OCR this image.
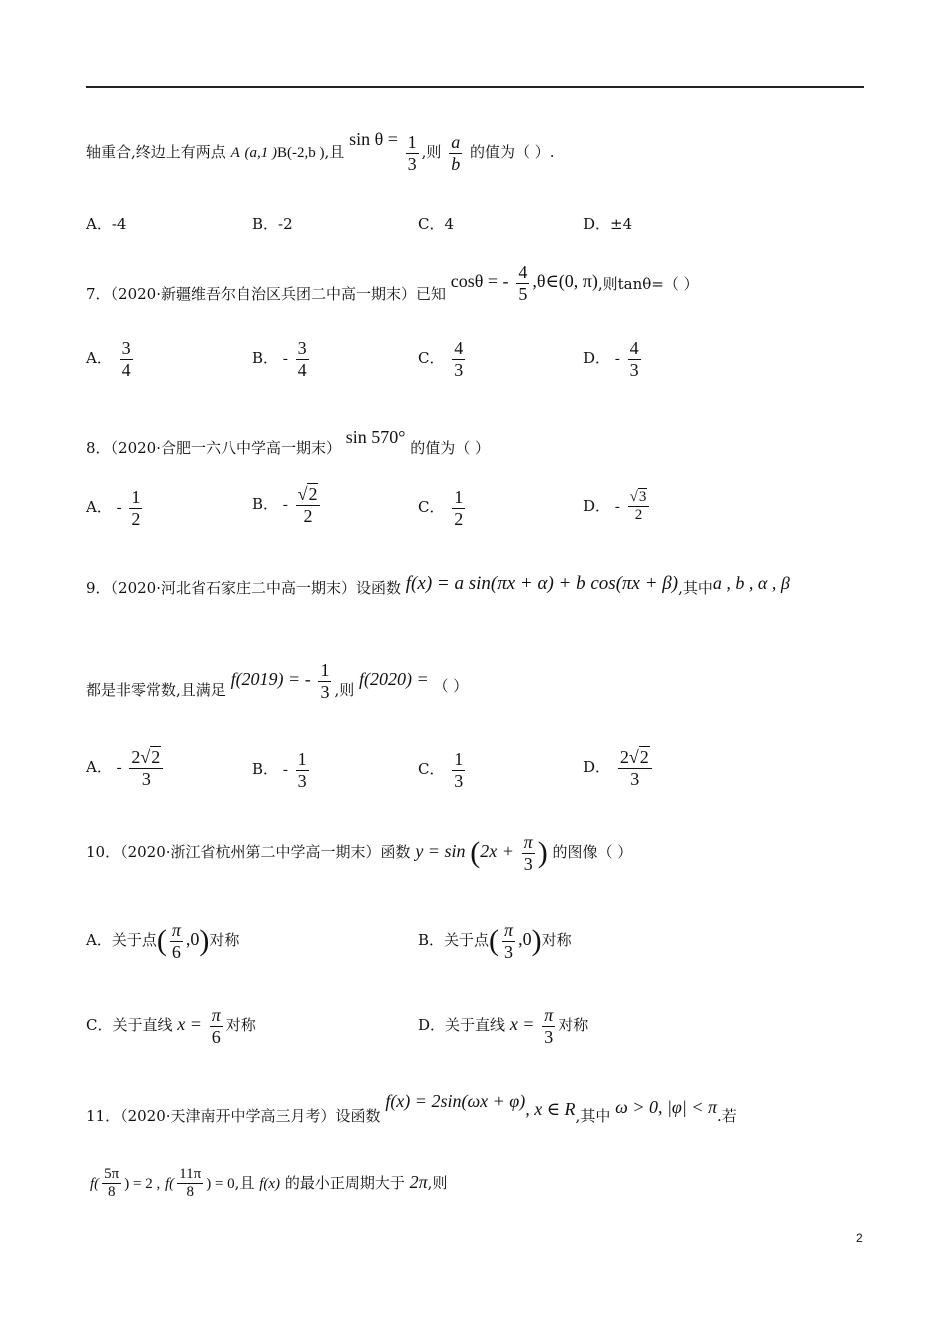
轴重合,终边上有两点 A (a,1 )B(-2,b ),且 $\sin \theta = \frac{1}{3}$ ,则 $\frac{a}{b}$ 的值为（ ）.
A．-4	B．-2	C．4	D．±4
7．（2020·新疆维吾尔自治区兵团二中高一期末）已知 cosθ = - $\frac{4}{5}$ ,θ∈(0, π),则tanθ=（ ）
A． $\frac{3}{4}$	B． - $\frac{3}{4}$	C． $\frac{4}{3}$	D． - $\frac{4}{3}$
8．（2020·合肥一六八中学高一期末） sin 570° 的值为（ ）
A． - $\frac{1}{2}$	B． - $\frac{√2}{2}$	C． $\frac{1}{2}$	D． - $\frac{√3}{2}$
9．（2020·河北省石家庄二中高一期末）设函数 f(x) = a sin(πx + α) + b cos(πx + β),其中a , b , α , β
都是非零常数,且满足 f(2019) = - $\frac{1}{3}$ ,则 f(2020) = （ ）
A． - $\frac{2√2}{3}$	B． - $\frac{1}{3}$	C． $\frac{1}{3}$	D． $\frac{2√2}{3}$
10．（2020·浙江省杭州第二中学高一期末）函数 $y = \sin (2x + \frac{\pi}{3}$ ) 的图像（ ）
A．关于点( $\frac{\pi}{6} ,0$)对称	B．关于点( $\frac{\pi}{3} ,0$)对称
C．关于直线 $x = \frac{\pi}{6}$ 对称	D．关于直线 $x = \frac{\pi}{3}$ 对称
11．（2020·天津南开中学高三月考）设函数 f(x) = 2sin(ωx + φ), x ∈ R,其中 ω > 0, |φ| < π.若
$f( \frac{5\pi}{8}$ ) = 2 , $f( \frac{11\pi}{8}$ ) = 0,且 f(x) 的最小正周期大于 2π,则
2
